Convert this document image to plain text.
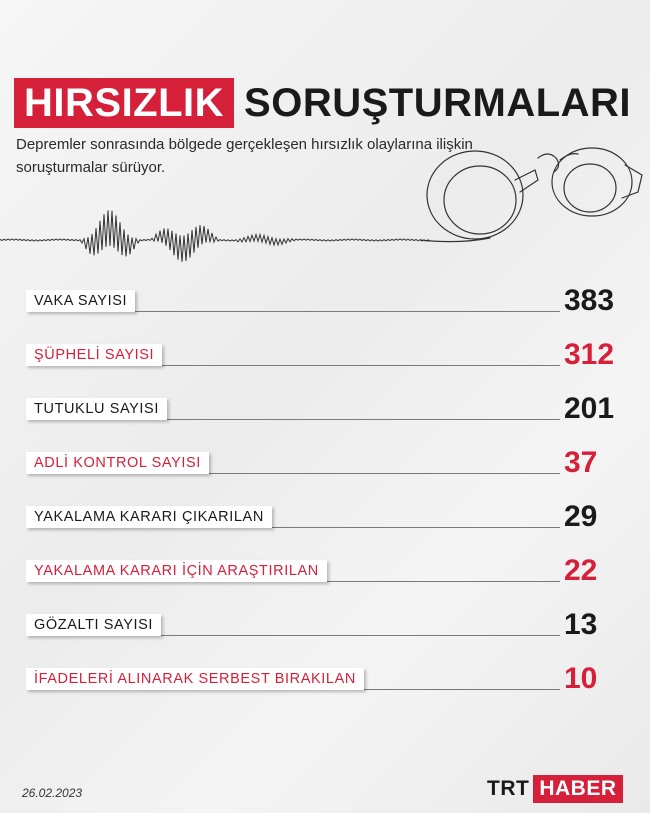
HIRSIZLIK SORUŞTURMALARI
Depremler sonrasında bölgede gerçekleşen hırsızlık olaylarına ilişkin soruşturmalar sürüyor.
VAKA SAYISI	383
ŞÜPHELİ SAYISI	312
TUTUKLU SAYISI	201
ADLİ KONTROL SAYISI	37
YAKALAMA KARARI ÇIKARILAN	29
YAKALAMA KARARI İÇİN ARAŞTIRILAN	22
GÖZALTI SAYISI	13
İFADELERİ ALINARAK SERBEST BIRAKILAN	10
26.02.2023	TRT HABER
